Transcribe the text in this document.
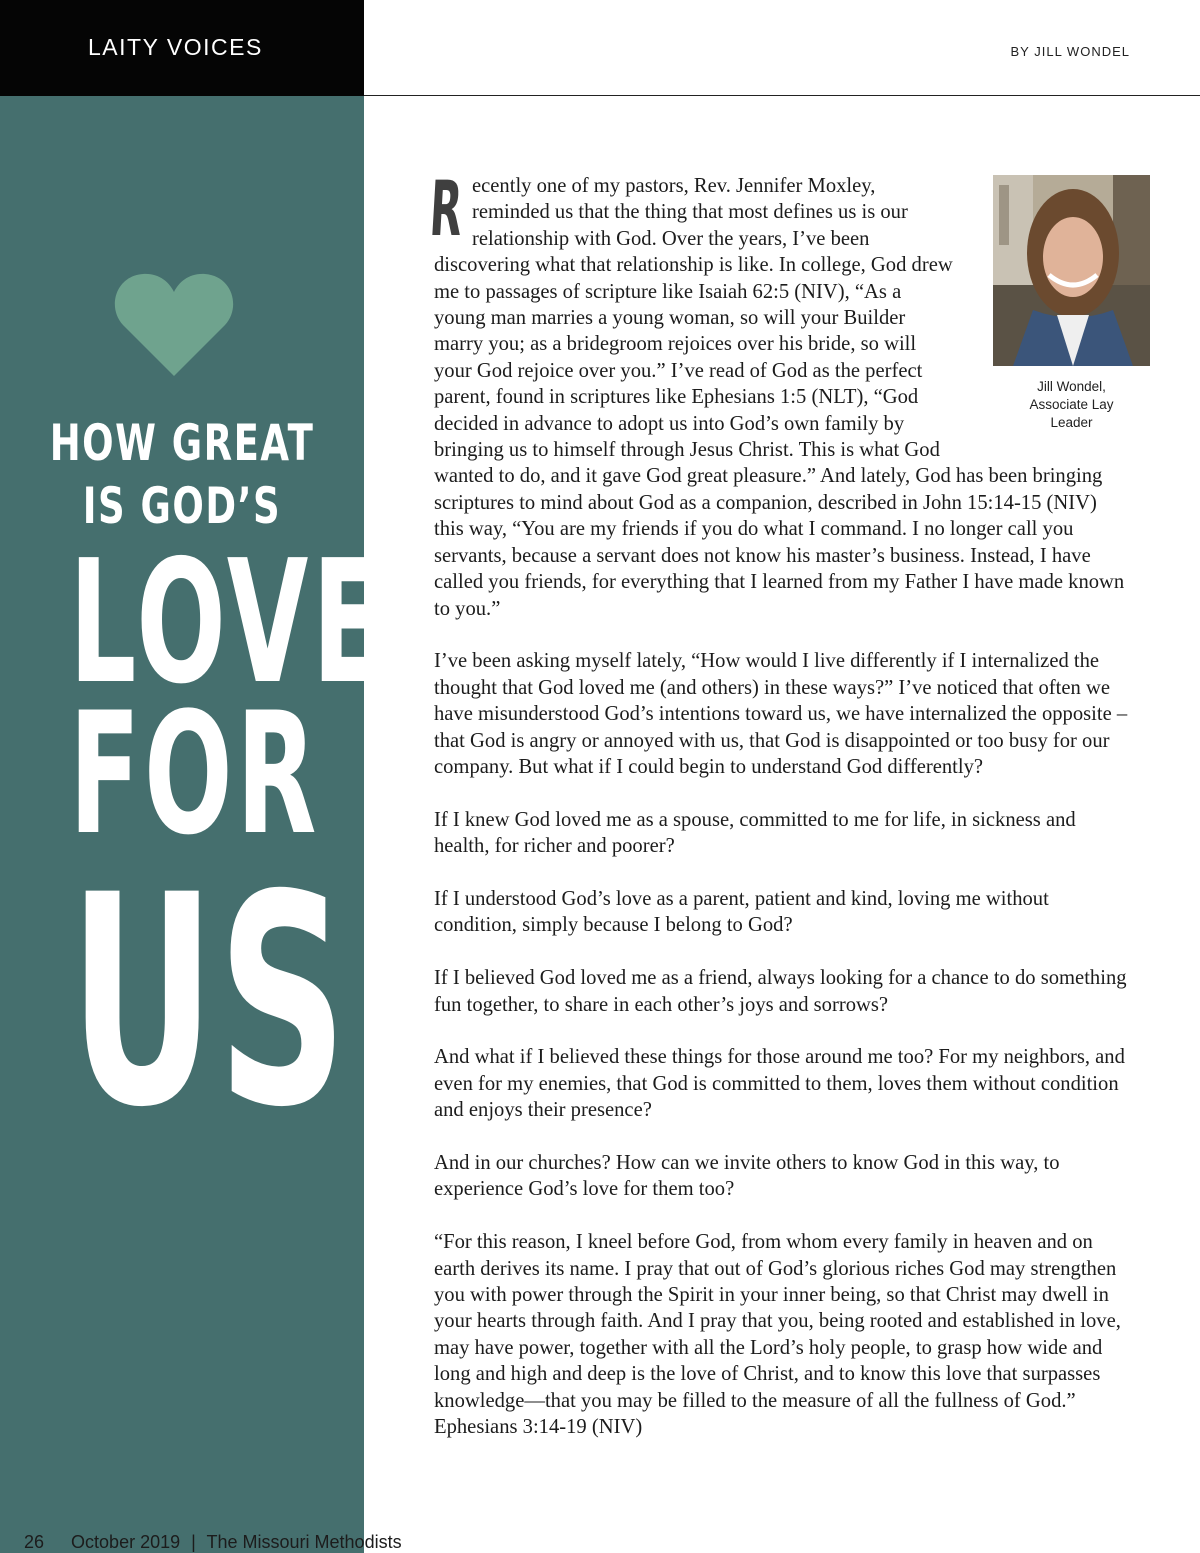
LAITY VOICES	BY JILL WONDEL
HOW GREAT
IS GOD’S
LOVE
FOR
US
Jill Wondel,
Associate Lay
Leader

Recently one of my pastors, Rev. Jennifer Moxley, reminded us that the thing that most defines us is our relationship with God. Over the years, I’ve been discovering what that relationship is like. In college, God drew me to passages of scripture like Isaiah 62:5 (NIV), “As a young man marries a young woman, so will your Builder marry you; as a bridegroom rejoices over his bride, so will your God rejoice over you.” I’ve read of God as the perfect parent, found in scriptures like Ephesians 1:5 (NLT), “God decided in advance to adopt us into God’s own family by bringing us to himself through Jesus Christ. This is what God wanted to do, and it gave God great pleasure.” And lately, God has been bringing scriptures to mind about God as a companion, described in John 15:14-15 (NIV) this way, “You are my friends if you do what I command. I no longer call you servants, because a servant does not know his master’s business. Instead, I have called you friends, for everything that I learned from my Father I have made known to you.”

I’ve been asking myself lately, “How would I live differently if I internalized the thought that God loved me (and others) in these ways?” I’ve noticed that often we have misunderstood God’s intentions toward us, we have internalized the opposite – that God is angry or annoyed with us, that God is disappointed or too busy for our company. But what if I could begin to understand God differently?

If I knew God loved me as a spouse, committed to me for life, in sickness and health, for richer and poorer?

If I understood God’s love as a parent, patient and kind, loving me without condition, simply because I belong to God?

If I believed God loved me as a friend, always looking for a chance to do something fun together, to share in each other’s joys and sorrows?

And what if I believed these things for those around me too? For my neighbors, and even for my enemies, that God is committed to them, loves them without condition and enjoys their presence?

And in our churches? How can we invite others to know God in this way, to experience God’s love for them too?

“For this reason, I kneel before God, from whom every family in heaven and on earth derives its name. I pray that out of God’s glorious riches God may strengthen you with power through the Spirit in your inner being, so that Christ may dwell in your hearts through faith. And I pray that you, being rooted and established in love, may have power, together with all the Lord’s holy people, to grasp how wide and long and high and deep is the love of Christ, and to know this love that surpasses knowledge—that you may be filled to the measure of all the fullness of God.” Ephesians 3:14-19 (NIV)

26 October 2019 | The Missouri Methodists
